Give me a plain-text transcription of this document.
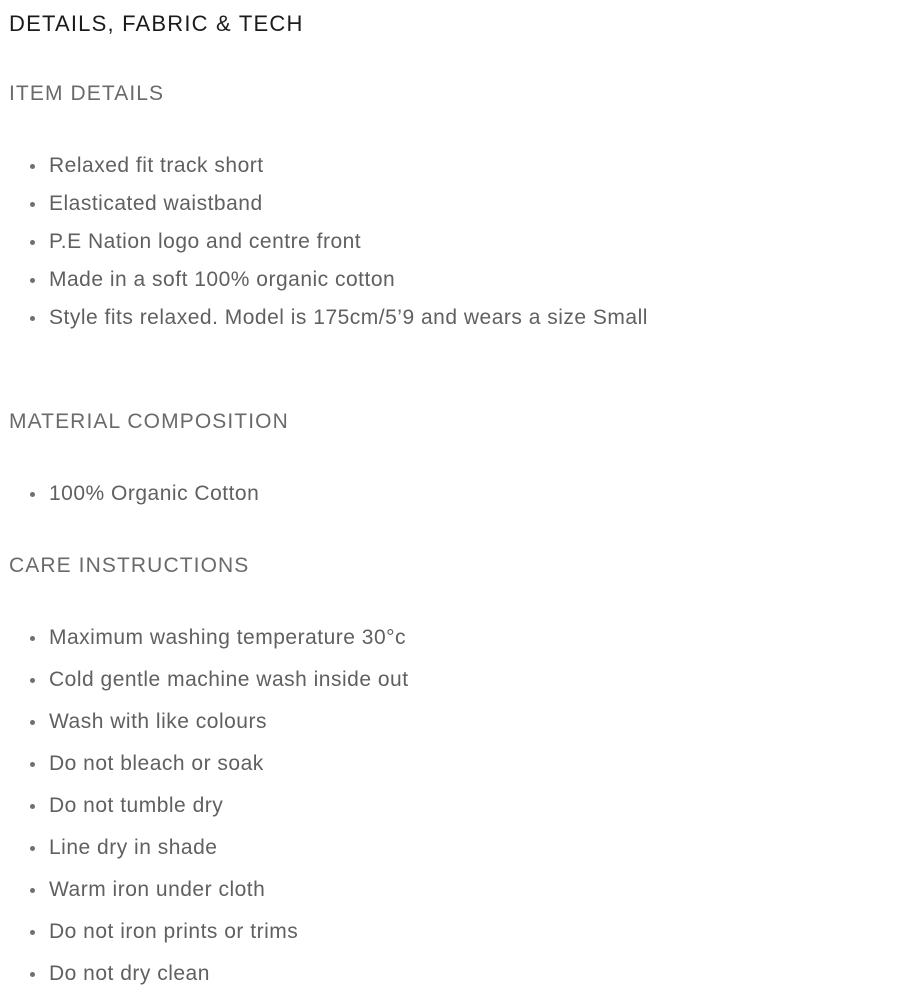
DETAILS, FABRIC & TECH
ITEM DETAILS
Relaxed fit track short
Elasticated waistband
P.E Nation logo and centre front
Made in a soft 100% organic cotton
Style fits relaxed. Model is 175cm/5’9 and wears a size Small
MATERIAL COMPOSITION
100% Organic Cotton
CARE INSTRUCTIONS
Maximum washing temperature 30°c
Cold gentle machine wash inside out
Wash with like colours
Do not bleach or soak
Do not tumble dry
Line dry in shade
Warm iron under cloth
Do not iron prints or trims
Do not dry clean
